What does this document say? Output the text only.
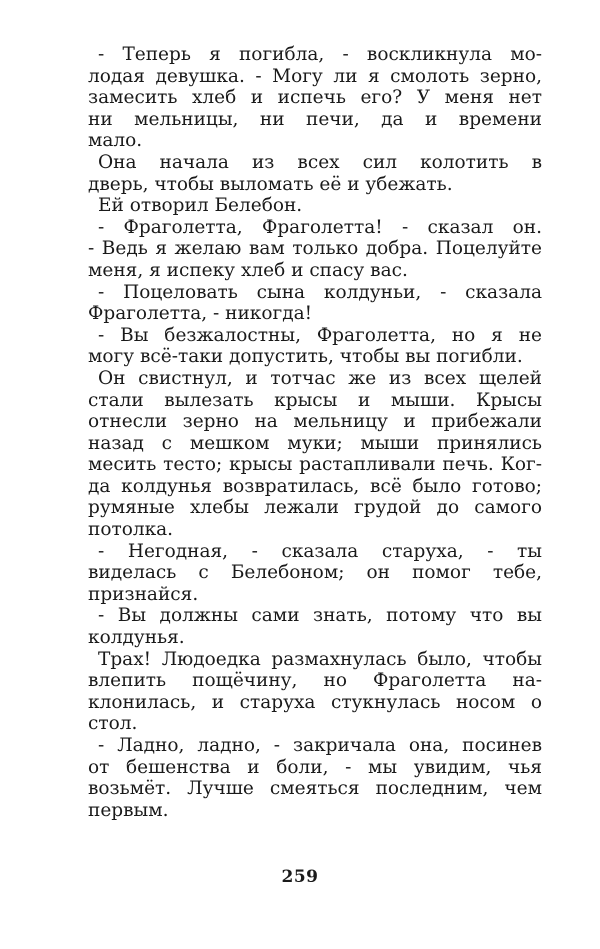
- Теперь я погибла, - воскликнула мо-
лодая девушка. - Могу ли я смолоть зерно,
замесить хлеб и испечь его? У меня нет
ни мельницы, ни печи, да и времени
мало.
Она начала из всех сил колотить в
дверь, чтобы выломать её и убежать.
Ей отворил Белебон.
- Фраголетта, Фраголетта! - сказал он.
- Ведь я желаю вам только добра. Поцелуйте
меня, я испеку хлеб и спасу вас.
- Поцеловать сына колдуньи, - сказала
Фраголетта, - никогда!
- Вы безжалостны, Фраголетта, но я не
могу всё-таки допустить, чтобы вы погибли.
Он свистнул, и тотчас же из всех щелей
стали вылезать крысы и мыши. Крысы
отнесли зерно на мельницу и прибежали
назад с мешком муки; мыши принялись
месить тесто; крысы растапливали печь. Ког-
да колдунья возвратилась, всё было готово;
румяные хлебы лежали грудой до самого
потолка.
- Негодная, - сказала старуха, - ты
виделась с Белебоном; он помог тебе,
признайся.
- Вы должны сами знать, потому что вы
колдунья.
Трах! Людоедка размахнулась было, чтобы
влепить пощёчину, но Фраголетта на-
клонилась, и старуха стукнулась носом о
стол.
- Ладно, ладно, - закричала она, посинев
от бешенства и боли, - мы увидим, чья
возьмёт. Лучше смеяться последним, чем
первым.
259
